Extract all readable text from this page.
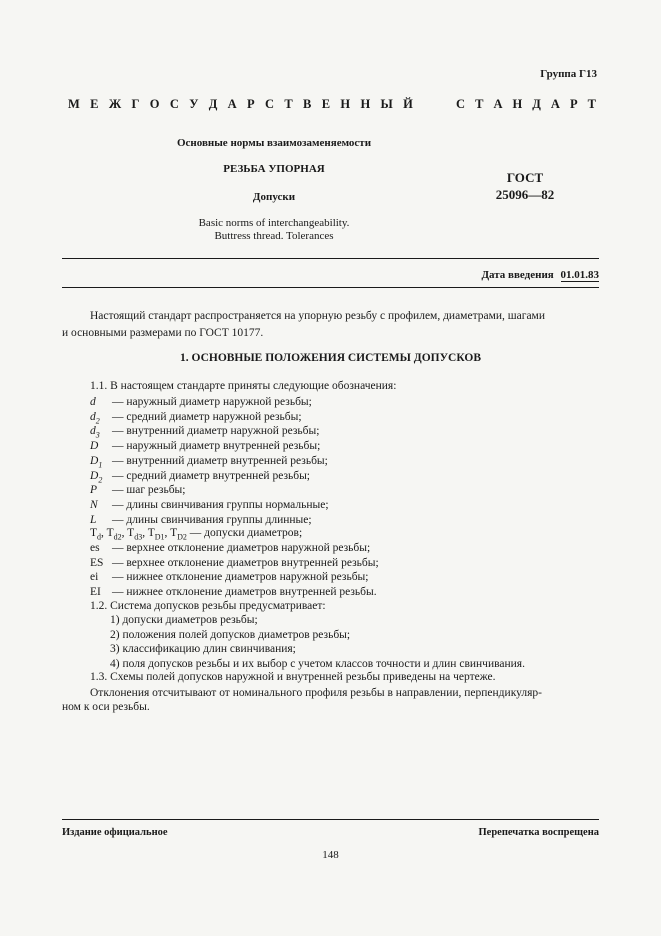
Группа Г13
М Е Ж Г О С У Д А Р С Т В Е Н Н Ы Й	С Т А Н Д А Р Т
Основные нормы взаимозаменяемости
РЕЗЬБА УПОРНАЯ
Допуски
Basic norms of interchangeability.
Buttress thread. Tolerances
ГОСТ
25096—82
Дата введения 01.01.83
Настоящий стандарт распространяется на упорную резьбу с профилем, диаметрами, шагами
и основными размерами по ГОСТ 10177.
1. ОСНОВНЫЕ ПОЛОЖЕНИЯ СИСТЕМЫ ДОПУСКОВ
1.1. В настоящем стандарте приняты следующие обозначения:
d — наружный диаметр наружной резьбы;
$d_2$ — средний диаметр наружной резьбы;
$d_3$ — внутренний диаметр наружной резьбы;
D — наружный диаметр внутренней резьбы;
$D_1$ — внутренний диаметр внутренней резьбы;
$D_2$ — средний диаметр внутренней резьбы;
P — шаг резьбы;
N — длины свинчивания группы нормальные;
L — длины свинчивания группы длинные;
$T_d$, $T_{d2}$, $T_{d3}$, $T_{D1}$, $T_{D2}$ — допуски диаметров;
es — верхнее отклонение диаметров наружной резьбы;
ES — верхнее отклонение диаметров внутренней резьбы;
ei — нижнее отклонение диаметров наружной резьбы;
EI — нижнее отклонение диаметров внутренней резьбы.
1.2. Система допусков резьбы предусматривает:
1) допуски диаметров резьбы;
2) положения полей допусков диаметров резьбы;
3) классификацию длин свинчивания;
4) поля допусков резьбы и их выбор с учетом классов точности и длин свинчивания.
1.3. Схемы полей допусков наружной и внутренней резьбы приведены на чертеже.
Отклонения отсчитывают от номинального профиля резьбы в направлении, перпендикуляр-
ном к оси резьбы.
Издание официальное	Перепечатка воспрещена
148
